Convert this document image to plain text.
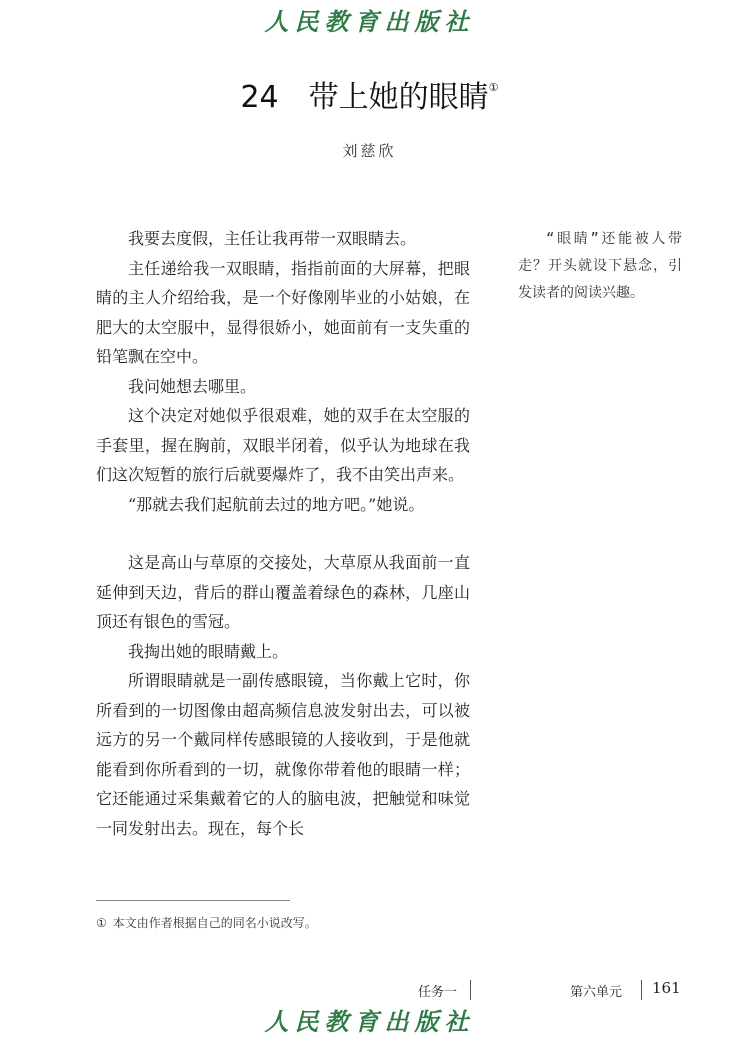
人民教育出版社
24 带上她的眼睛①
刘慈欣

我要去度假，主任让我再带一双眼睛去。

主任递给我一双眼睛，指指前面的大屏幕，把眼睛的主人介绍给我，是一个好像刚毕业的小姑娘，在肥大的太空服中，显得很娇小，她面前有一支失重的铅笔飘在空中。

我问她想去哪里。

这个决定对她似乎很艰难，她的双手在太空服的手套里，握在胸前，双眼半闭着，似乎认为地球在我们这次短暂的旅行后就要爆炸了，我不由笑出声来。

“那就去我们起航前去过的地方吧。”她说。

这是高山与草原的交接处，大草原从我面前一直延伸到天边，背后的群山覆盖着绿色的森林，几座山顶还有银色的雪冠。

我掏出她的眼睛戴上。

所谓眼睛就是一副传感眼镜，当你戴上它时，你所看到的一切图像由超高频信息波发射出去，可以被远方的另一个戴同样传感眼镜的人接收到，于是他就能看到你所看到的一切，就像你带着他的眼睛一样；它还能通过采集戴着它的人的脑电波，把触觉和味觉一同发射出去。现在，每个长

“眼睛”还能被人带走？开头就设下悬念，引发读者的阅读兴趣。
① 本文由作者根据自己的同名小说改写。
任务一	第六单元 161
人民教育出版社
